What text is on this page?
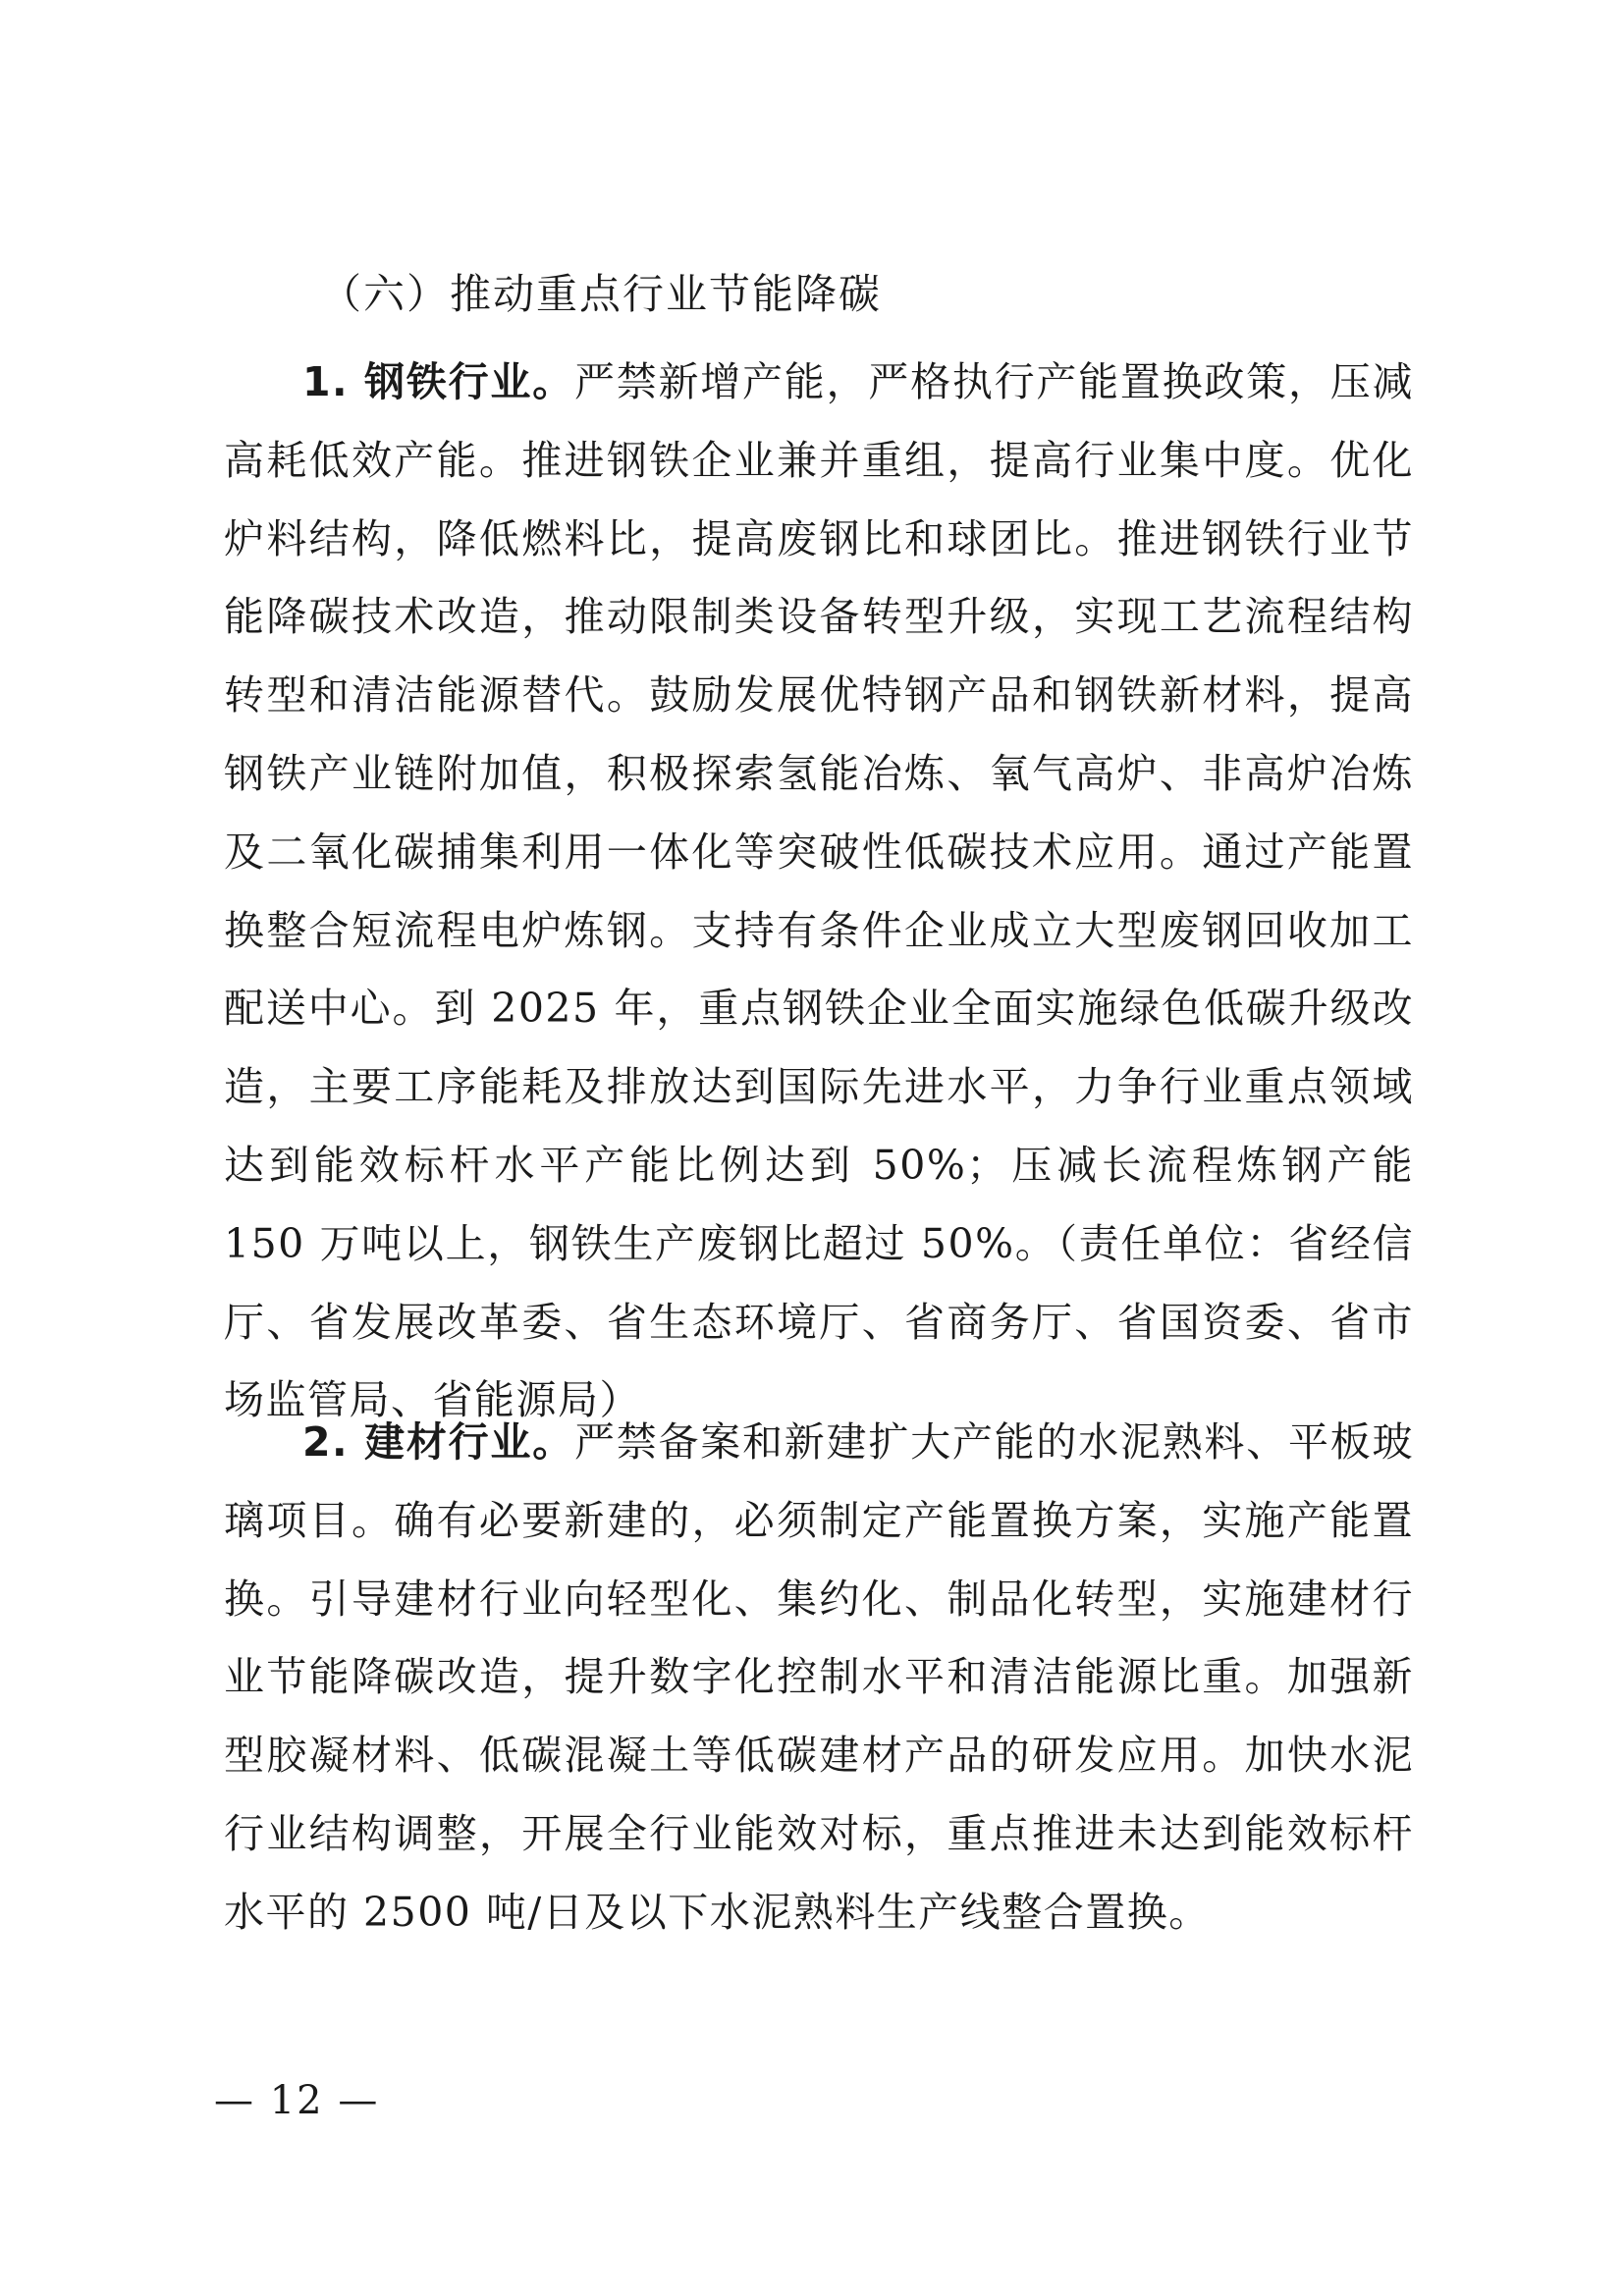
（六）推动重点行业节能降碳

1. 钢铁行业。严禁新增产能，严格执行产能置换政策，压减高耗低效产能。推进钢铁企业兼并重组，提高行业集中度。优化炉料结构，降低燃料比，提高废钢比和球团比。推进钢铁行业节能降碳技术改造，推动限制类设备转型升级，实现工艺流程结构转型和清洁能源替代。鼓励发展优特钢产品和钢铁新材料，提高钢铁产业链附加值，积极探索氢能冶炼、氧气高炉、非高炉冶炼及二氧化碳捕集利用一体化等突破性低碳技术应用。通过产能置换整合短流程电炉炼钢。支持有条件企业成立大型废钢回收加工配送中心。到 2025 年，重点钢铁企业全面实施绿色低碳升级改造，主要工序能耗及排放达到国际先进水平，力争行业重点领域达到能效标杆水平产能比例达到 50%；压减长流程炼钢产能 150 万吨以上，钢铁生产废钢比超过 50%。（责任单位：省经信厅、省发展改革委、省生态环境厅、省商务厅、省国资委、省市场监管局、省能源局）

2. 建材行业。严禁备案和新建扩大产能的水泥熟料、平板玻璃项目。确有必要新建的，必须制定产能置换方案，实施产能置换。引导建材行业向轻型化、集约化、制品化转型，实施建材行业节能降碳改造，提升数字化控制水平和清洁能源比重。加强新型胶凝材料、低碳混凝土等低碳建材产品的研发应用。加快水泥行业结构调整，开展全行业能效对标，重点推进未达到能效标杆水平的 2500 吨/日及以下水泥熟料生产线整合置换。

— 12 —
